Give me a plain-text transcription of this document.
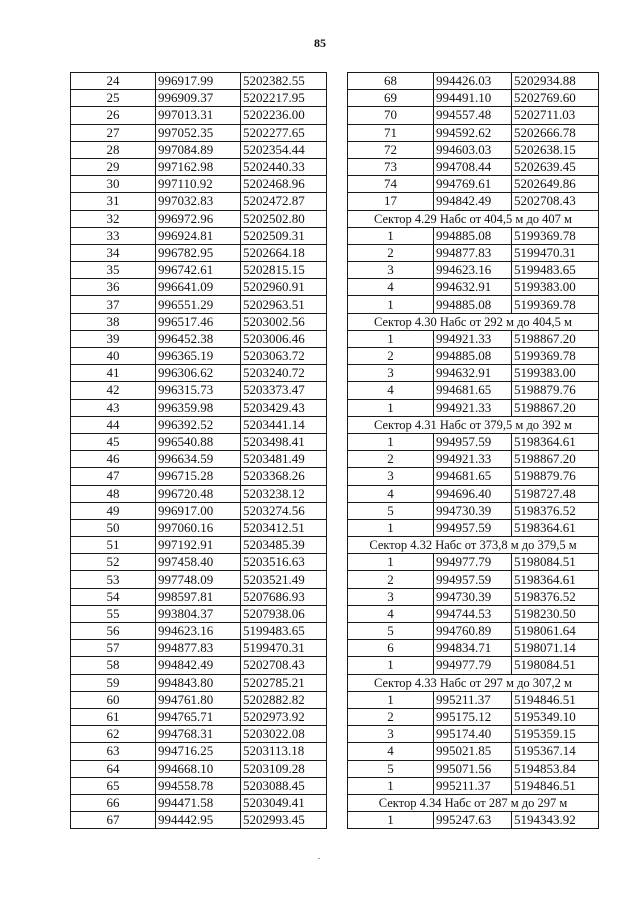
85
24	996917.99	5202382.55
25	996909.37	5202217.95
26	997013.31	5202236.00
27	997052.35	5202277.65
28	997084.89	5202354.44
29	997162.98	5202440.33
30	997110.92	5202468.96
31	997032.83	5202472.87
32	996972.96	5202502.80
33	996924.81	5202509.31
34	996782.95	5202664.18
35	996742.61	5202815.15
36	996641.09	5202960.91
37	996551.29	5202963.51
38	996517.46	5203002.56
39	996452.38	5203006.46
40	996365.19	5203063.72
41	996306.62	5203240.72
42	996315.73	5203373.47
43	996359.98	5203429.43
44	996392.52	5203441.14
45	996540.88	5203498.41
46	996634.59	5203481.49
47	996715.28	5203368.26
48	996720.48	5203238.12
49	996917.00	5203274.56
50	997060.16	5203412.51
51	997192.91	5203485.39
52	997458.40	5203516.63
53	997748.09	5203521.49
54	998597.81	5207686.93
55	993804.37	5207938.06
56	994623.16	5199483.65
57	994877.83	5199470.31
58	994842.49	5202708.43
59	994843.80	5202785.21
60	994761.80	5202882.82
61	994765.71	5202973.92
62	994768.31	5203022.08
63	994716.25	5203113.18
64	994668.10	5203109.28
65	994558.78	5203088.45
66	994471.58	5203049.41
67	994442.95	5202993.45
68	994426.03	5202934.88
69	994491.10	5202769.60
70	994557.48	5202711.03
71	994592.62	5202666.78
72	994603.03	5202638.15
73	994708.44	5202639.45
74	994769.61	5202649.86
17	994842.49	5202708.43
Сектор 4.29 Набс от 404,5 м до 407 м		
1	994885.08	5199369.78
2	994877.83	5199470.31
3	994623.16	5199483.65
4	994632.91	5199383.00
1	994885.08	5199369.78
Сектор 4.30 Набс от 292 м до 404,5 м		
1	994921.33	5198867.20
2	994885.08	5199369.78
3	994632.91	5199383.00
4	994681.65	5198879.76
1	994921.33	5198867.20
Сектор 4.31 Набс от 379,5 м до 392 м		
1	994957.59	5198364.61
2	994921.33	5198867.20
3	994681.65	5198879.76
4	994696.40	5198727.48
5	994730.39	5198376.52
1	994957.59	5198364.61
Сектор 4.32 Набс от 373,8 м до 379,5 м		
1	994977.79	5198084.51
2	994957.59	5198364.61
3	994730.39	5198376.52
4	994744.53	5198230.50
5	994760.89	5198061.64
6	994834.71	5198071.14
1	994977.79	5198084.51
Сектор 4.33 Набс от 297 м до 307,2 м		
1	995211.37	5194846.51
2	995175.12	5195349.10
3	995174.40	5195359.15
4	995021.85	5195367.14
5	995071.56	5194853.84
1	995211.37	5194846.51
Сектор 4.34 Набс от 287 м до 297 м		
1	995247.63	5194343.92
